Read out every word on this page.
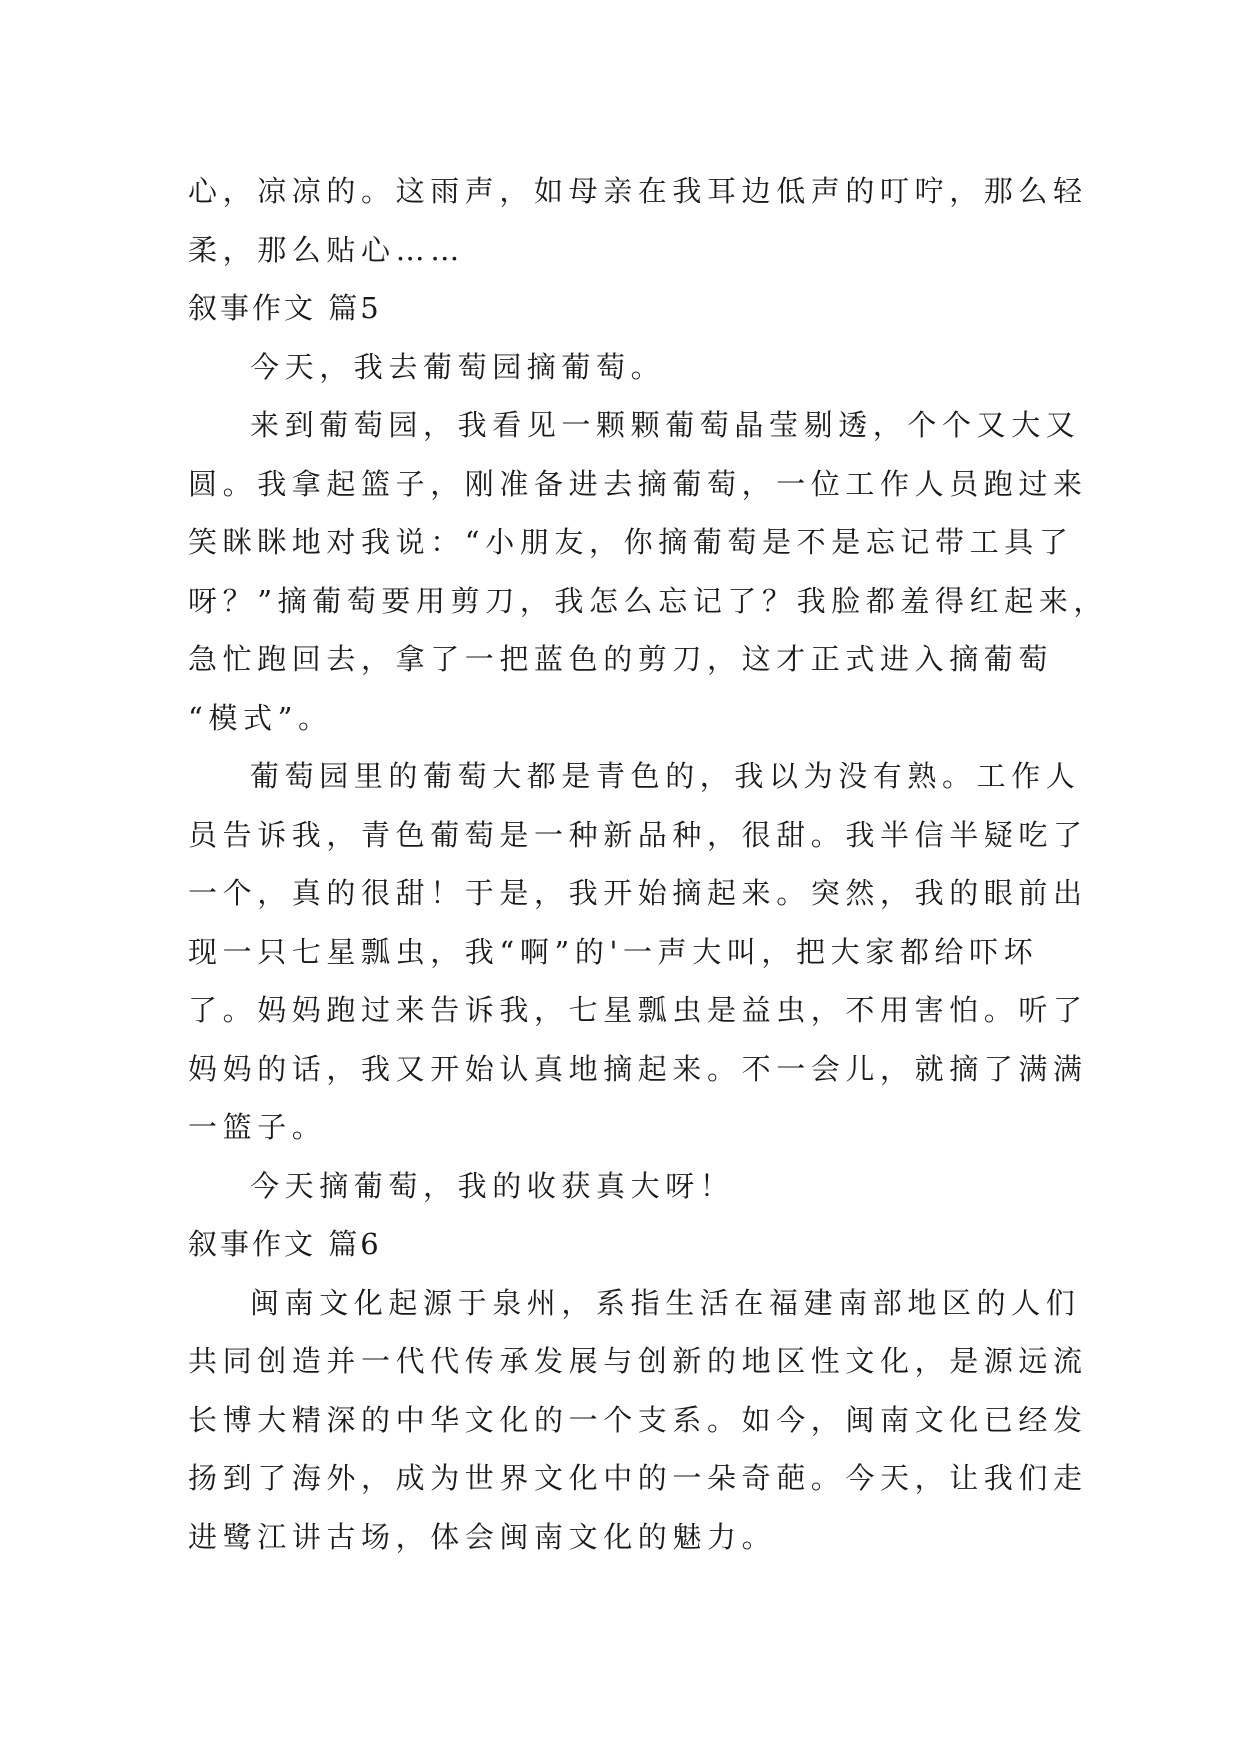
心，凉凉的。这雨声，如母亲在我耳边低声的叮咛，那么轻

柔，那么贴心……

叙事作文 篇5

今天，我去葡萄园摘葡萄。

来到葡萄园，我看见一颗颗葡萄晶莹剔透，个个又大又

圆。我拿起篮子，刚准备进去摘葡萄，一位工作人员跑过来

笑眯眯地对我说：“小朋友，你摘葡萄是不是忘记带工具了

呀？”摘葡萄要用剪刀，我怎么忘记了？我脸都羞得红起来，

急忙跑回去，拿了一把蓝色的剪刀，这才正式进入摘葡萄

“模式”。

葡萄园里的葡萄大都是青色的，我以为没有熟。工作人

员告诉我，青色葡萄是一种新品种，很甜。我半信半疑吃了

一个，真的很甜！于是，我开始摘起来。突然，我的眼前出

现一只七星瓢虫，我“啊”的'一声大叫，把大家都给吓坏

了。妈妈跑过来告诉我，七星瓢虫是益虫，不用害怕。听了

妈妈的话，我又开始认真地摘起来。不一会儿，就摘了满满

一篮子。

今天摘葡萄，我的收获真大呀！

叙事作文 篇6

闽南文化起源于泉州，系指生活在福建南部地区的人们

共同创造并一代代传承发展与创新的地区性文化，是源远流

长博大精深的中华文化的一个支系。如今，闽南文化已经发

扬到了海外，成为世界文化中的一朵奇葩。今天，让我们走

进鹭江讲古场，体会闽南文化的魅力。
